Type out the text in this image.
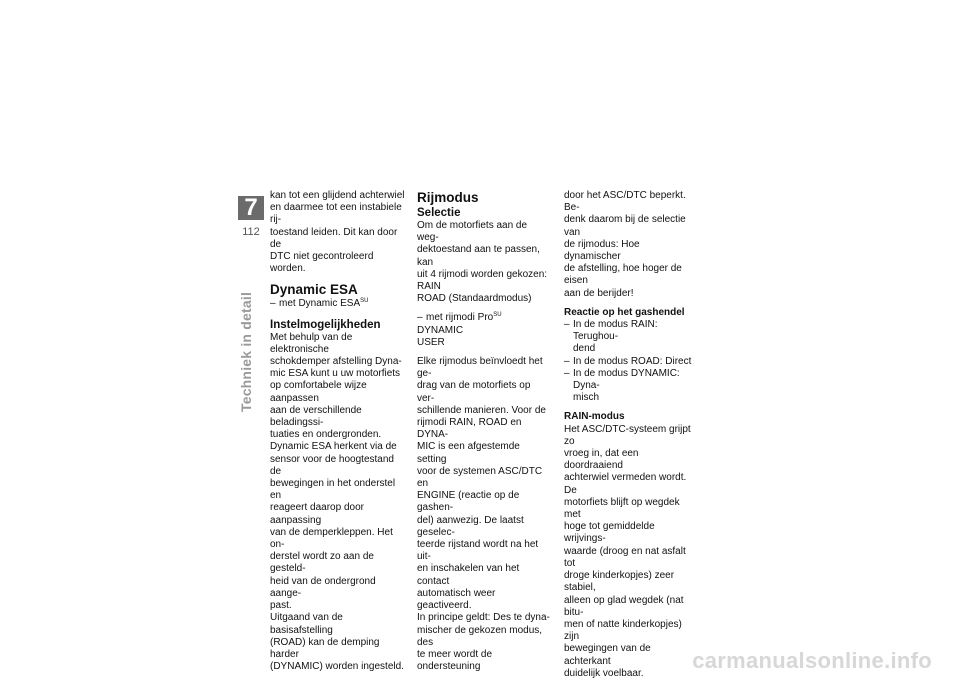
7
112
Techniek in detail

kan tot een glijdend achterwiel
en daarmee tot een instabiele rij-
toestand leiden. Dit kan door de
DTC niet gecontroleerd worden.

Dynamic ESA
– met Dynamic $ESA^{SU}$
Instelmogelijkheden

Met behulp van de elektronische
schokdemper afstelling Dyna-
mic ESA kunt u uw motorfiets
op comfortabele wijze aanpassen
aan de verschillende beladingssi-
tuaties en ondergronden.

Dynamic ESA herkent via de
sensor voor de hoogtestand de
bewegingen in het onderstel en
reageert daarop door aanpassing
van de demperkleppen. Het on-
derstel wordt zo aan de gesteld-
heid van de ondergrond aange-
past.

Uitgaand van de basisafstelling
(ROAD) kan de demping harder
(DYNAMIC) worden ingesteld.

Rijmodus
Selectie

Om de motorfiets aan de weg-
dektoestand aan te passen, kan
uit 4 rijmodi worden gekozen:
RAIN
ROAD (Standaardmodus)

– met rijmodi Pro$^{SU}$

DYNAMIC
USER

Elke rijmodus beïnvloedt het ge-
drag van de motorfiets op ver-
schillende manieren. Voor de
rijmodi RAIN, ROAD en DYNA-
MIC is een afgestemde setting
voor de systemen ASC/DTC en
ENGINE (reactie op de gashen-
del) aanwezig. De laatst geselec-
teerde rijstand wordt na het uit-
en inschakelen van het contact
automatisch weer geactiveerd.

In principe geldt: Des te dyna-
mischer de gekozen modus, des
te meer wordt de ondersteuning

door het ASC/DTC beperkt. Be-
denk daarom bij de selectie van
de rijmodus: Hoe dynamischer
de afstelling, hoe hoger de eisen
aan de berijder!

Reactie op het gashendel
– In de modus RAIN: Terughou-
dend
– In de modus ROAD: Direct
– In de modus DYNAMIC: Dyna-
misch
RAIN-modus

Het ASC/DTC-systeem grijpt zo
vroeg in, dat een doordraaiend
achterwiel vermeden wordt. De
motorfiets blijft op wegdek met
hoge tot gemiddelde wrijvings-
waarde (droog en nat asfalt tot
droge kinderkopjes) zeer stabiel,
alleen op glad wegdek (nat bitu-
men of natte kinderkopjes) zijn
bewegingen van de achterkant
duidelijk voelbaar.

carmanualsonline.info
